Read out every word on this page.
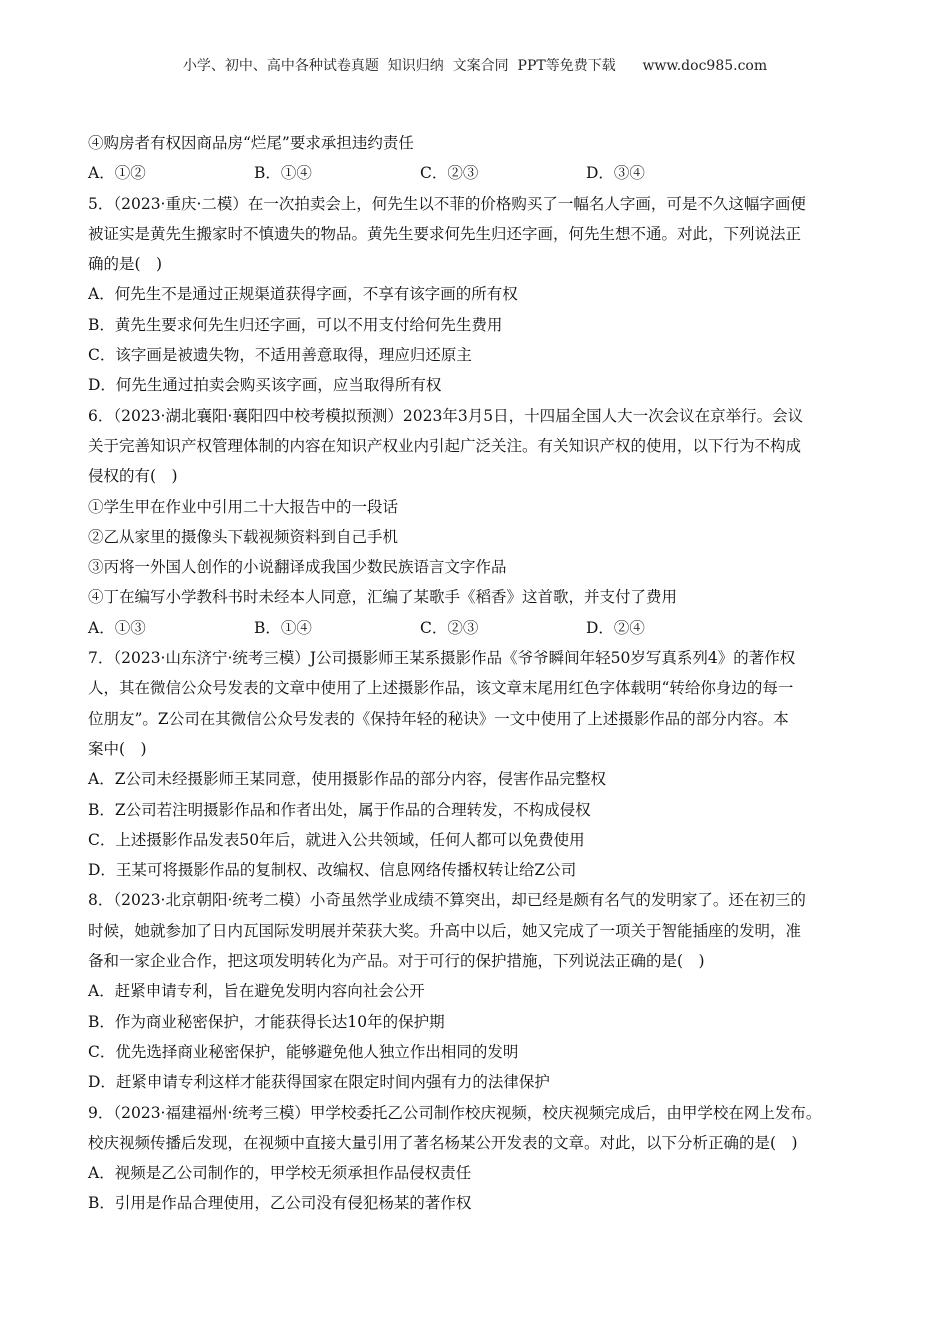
小学、初中、高中各种试卷真题  知识归纳  文案合同  PPT等免费下载      www.doc985.com
④购房者有权因商品房“烂尾”要求承担违约责任
A．①②	B．①④	C．②③	D．③④
5．（2023·重庆·二模）在一次拍卖会上，何先生以不菲的价格购买了一幅名人字画，可是不久这幅字画便
被证实是黄先生搬家时不慎遗失的物品。黄先生要求何先生归还字画，何先生想不通。对此，下列说法正
确的是(　)
A．何先生不是通过正规渠道获得字画，不享有该字画的所有权
B．黄先生要求何先生归还字画，可以不用支付给何先生费用
C．该字画是被遗失物，不适用善意取得，理应归还原主
D．何先生通过拍卖会购买该字画，应当取得所有权
6．（2023·湖北襄阳·襄阳四中校考模拟预测）2023年3月5日，十四届全国人大一次会议在京举行。会议
关于完善知识产权管理体制的内容在知识产权业内引起广泛关注。有关知识产权的使用，以下行为不构成
侵权的有(　)
①学生甲在作业中引用二十大报告中的一段话
②乙从家里的摄像头下载视频资料到自己手机
③丙将一外国人创作的小说翻译成我国少数民族语言文字作品
④丁在编写小学教科书时未经本人同意，汇编了某歌手《稻香》这首歌，并支付了费用
A．①③	B．①④	C．②③	D．②④
7．（2023·山东济宁·统考三模）J公司摄影师王某系摄影作品《爷爷瞬间年轻50岁写真系列4》的著作权
人，其在微信公众号发表的文章中使用了上述摄影作品，该文章末尾用红色字体载明“转给你身边的每一
位朋友”。Z公司在其微信公众号发表的《保持年轻的秘诀》一文中使用了上述摄影作品的部分内容。本
案中(　)
A．Z公司未经摄影师王某同意，使用摄影作品的部分内容，侵害作品完整权
B．Z公司若注明摄影作品和作者出处，属于作品的合理转发，不构成侵权
C．上述摄影作品发表50年后，就进入公共领域，任何人都可以免费使用
D．王某可将摄影作品的复制权、改编权、信息网络传播权转让给Z公司
8．（2023·北京朝阳·统考二模）小奇虽然学业成绩不算突出，却已经是颇有名气的发明家了。还在初三的
时候，她就参加了日内瓦国际发明展并荣获大奖。升高中以后，她又完成了一项关于智能插座的发明，准
备和一家企业合作，把这项发明转化为产品。对于可行的保护措施，下列说法正确的是(　)
A．赶紧申请专利，旨在避免发明内容向社会公开
B．作为商业秘密保护，才能获得长达10年的保护期
C．优先选择商业秘密保护，能够避免他人独立作出相同的发明
D．赶紧申请专利这样才能获得国家在限定时间内强有力的法律保护
9．（2023·福建福州·统考三模）甲学校委托乙公司制作校庆视频，校庆视频完成后，由甲学校在网上发布。
校庆视频传播后发现，在视频中直接大量引用了著名杨某公开发表的文章。对此，以下分析正确的是(　)
A．视频是乙公司制作的，甲学校无须承担作品侵权责任
B．引用是作品合理使用，乙公司没有侵犯杨某的著作权
